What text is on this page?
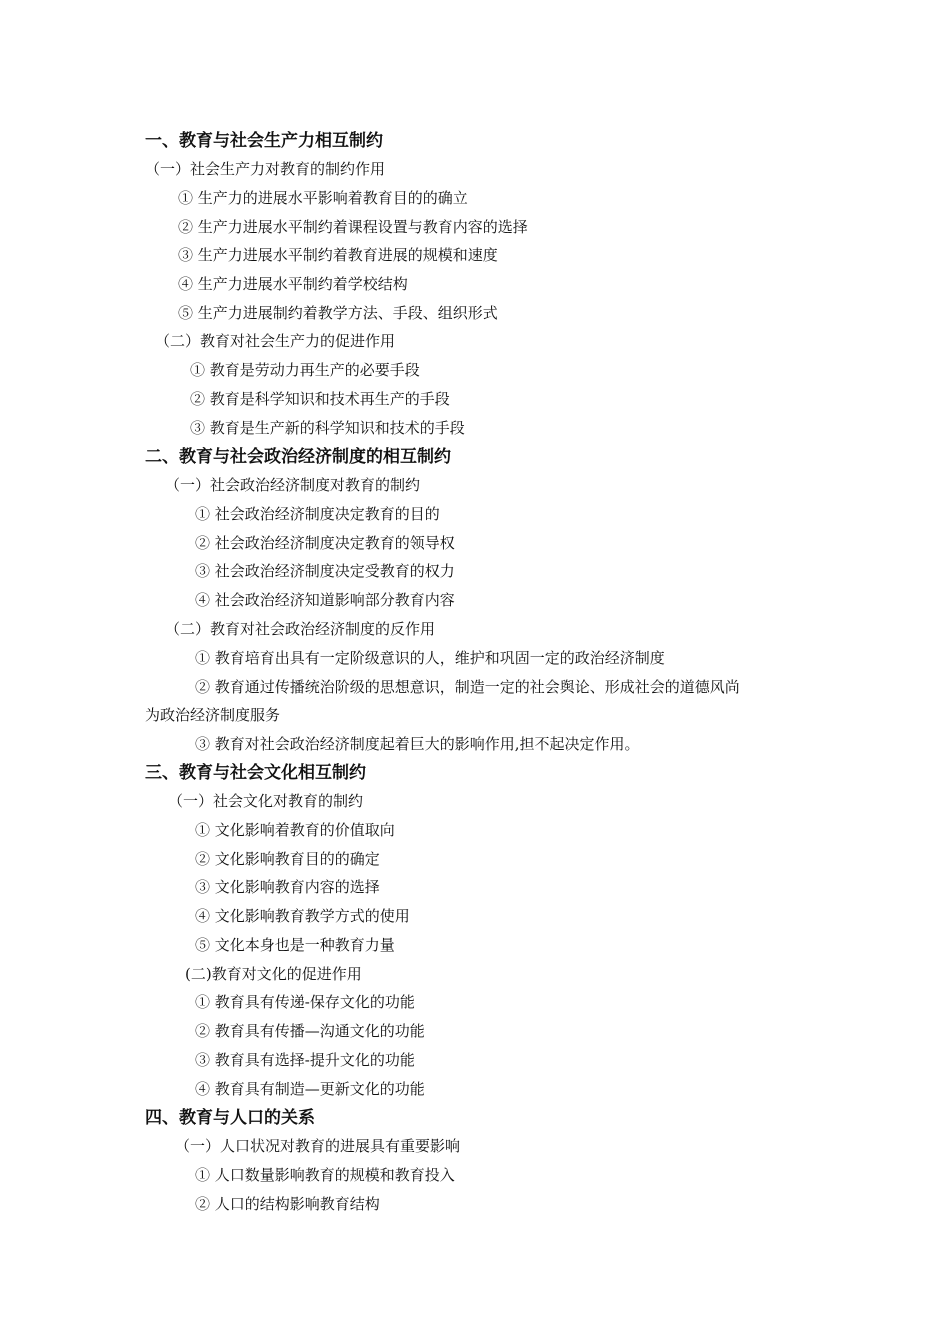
一、教育与社会生产力相互制约
（一）社会生产力对教育的制约作用
① 生产力的进展水平影响着教育目的的确立
② 生产力进展水平制约着课程设置与教育内容的选择
③ 生产力进展水平制约着教育进展的规模和速度
④ 生产力进展水平制约着学校结构
⑤ 生产力进展制约着教学方法、手段、组织形式
（二）教育对社会生产力的促进作用
① 教育是劳动力再生产的必要手段
② 教育是科学知识和技术再生产的手段
③ 教育是生产新的科学知识和技术的手段
二、教育与社会政治经济制度的相互制约
（一）社会政治经济制度对教育的制约
① 社会政治经济制度决定教育的目的
② 社会政治经济制度决定教育的领导权
③ 社会政治经济制度决定受教育的权力
④ 社会政治经济知道影响部分教育内容
（二）教育对社会政治经济制度的反作用
① 教育培育出具有一定阶级意识的人，维护和巩固一定的政治经济制度
② 教育通过传播统治阶级的思想意识，制造一定的社会舆论、形成社会的道德风尚
为政治经济制度服务
③ 教育对社会政治经济制度起着巨大的影响作用,担不起决定作用。
三、教育与社会文化相互制约
（一）社会文化对教育的制约
① 文化影响着教育的价值取向
② 文化影响教育目的的确定
③ 文化影响教育内容的选择
④ 文化影响教育教学方式的使用
⑤ 文化本身也是一种教育力量
(二)教育对文化的促进作用
① 教育具有传递-保存文化的功能
② 教育具有传播—沟通文化的功能
③ 教育具有选择-提升文化的功能
④ 教育具有制造—更新文化的功能
四、教育与人口的关系
（一）人口状况对教育的进展具有重要影响
① 人口数量影响教育的规模和教育投入
② 人口的结构影响教育结构
